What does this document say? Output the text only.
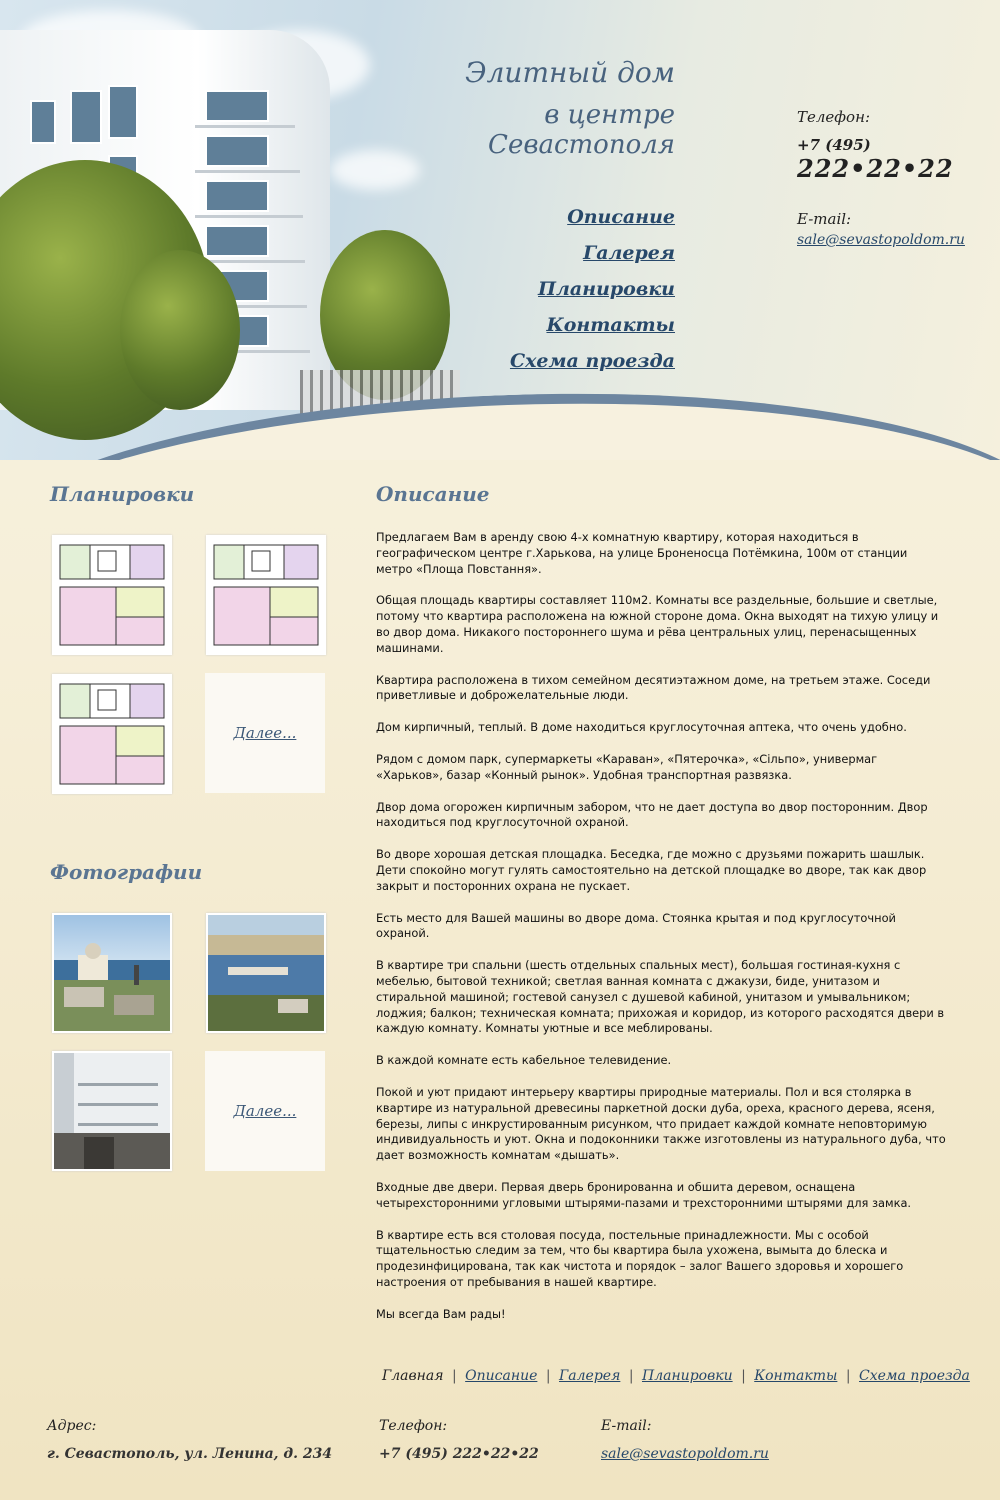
Элитный дом
в центре
Севастополя
Описание
Галерея
Планировки
Контакты
Схема проезда
Телефон:
+7 (495)
222•22•22
E-mail:
sale@sevastopoldom.ru
Планировки
Далее...
Фотографии
Далее...
Описание

Предлагаем Вам в аренду свою 4-х комнатную квартиру, которая находиться в географическом центре г.Харькова, на улице Броненосца Потёмкина, 100м от станции метро «Площа Повстання».

Общая площадь квартиры составляет 110м2. Комнаты все раздельные, большие и светлые, потому что квартира расположена на южной стороне дома. Окна выходят на тихую улицу и во двор дома. Никакого постороннего шума и рёва центральных улиц, перенасыщенных машинами.

Квартира расположена в тихом семейном десятиэтажном доме, на третьем этаже. Соседи приветливые и доброжелательные люди.

Дом кирпичный, теплый. В доме находиться круглосуточная аптека, что очень удобно.

Рядом с домом парк, супермаркеты «Караван», «Пятерочка», «Сільпо», универмаг «Харьков», базар «Конный рынок». Удобная транспортная развязка.

Двор дома огорожен кирпичным забором, что не дает доступа во двор посторонним. Двор находиться под круглосуточной охраной.

Во дворе хорошая детская площадка. Беседка, где можно с друзьями пожарить шашлык. Дети спокойно могут гулять самостоятельно на детской площадке во дворе, так как двор закрыт и посторонних охрана не пускает.

Есть место для Вашей машины во дворе дома. Стоянка крытая и под круглосуточной охраной.

В квартире три спальни (шесть отдельных спальных мест), большая гостиная-кухня с мебелью, бытовой техникой; светлая ванная комната с джакузи, биде, унитазом и стиральной машиной; гостевой санузел с душевой кабиной, унитазом и умывальником; лоджия; балкон; техническая комната; прихожая и коридор, из которого расходятся двери в каждую комнату. Комнаты уютные и все меблированы.

В каждой комнате есть кабельное телевидение.

Покой и уют придают интерьеру квартиры природные материалы. Пол и вся столярка в квартире из натуральной древесины паркетной доски дуба, ореха, красного дерева, ясеня, березы, липы с инкрустированным рисунком, что придает каждой комнате неповторимую индивидуальность и уют. Окна и подоконники также изготовлены из натурального дуба, что дает возможность комнатам «дышать».

Входные две двери. Первая дверь бронированна и обшита деревом, оснащена четырехсторонними угловыми штырями-пазами и трехсторонними штырями для замка.

В квартире есть вся столовая посуда, постельные принадлежности. Мы с особой тщательностью следим за тем, что бы квартира была ухожена, вымыта до блеска и продезинфицирована, так как чистота и порядок – залог Вашего здоровья и хорошего настроения от пребывания в нашей квартире.

Мы всегда Вам рады!

Главная | Описание | Галерея | Планировки | Контакты | Схема проезда
Адрес:
г. Севастополь, ул. Ленина, д. 234
Телефон:
+7 (495) 222•22•22
E-mail:
sale@sevastopoldom.ru
